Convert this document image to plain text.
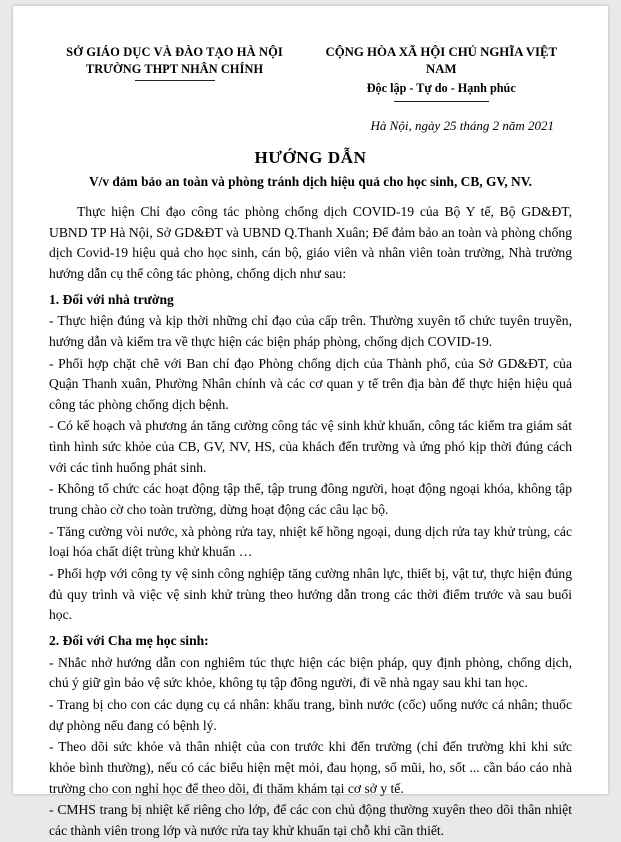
SỞ GIÁO DỤC VÀ ĐÀO TẠO HÀ NỘI
TRƯỜNG THPT NHÂN CHÍNH
CỘNG HÒA XÃ HỘI CHỦ NGHĨA VIỆT NAM
Độc lập - Tự do - Hạnh phúc
Hà Nội, ngày 25 tháng 2 năm 2021
HƯỚNG DẪN
V/v đảm bảo an toàn và phòng tránh dịch hiệu quả cho học sinh, CB, GV, NV.

Thực hiện Chỉ đạo công tác phòng chống dịch COVID-19 của Bộ Y tế, Bộ GD&ĐT, UBND TP Hà Nội, Sở GD&ĐT và UBND Q.Thanh Xuân; Để đảm bảo an toàn và phòng chống dịch Covid-19 hiệu quả cho học sinh, cán bộ, giáo viên và nhân viên toàn trường, Nhà trường hướng dẫn cụ thể công tác phòng, chống dịch như sau:

1. Đối với nhà trường

- Thực hiện đúng và kịp thời những chỉ đạo của cấp trên. Thường xuyên tổ chức tuyên truyền, hướng dẫn và kiểm tra về thực hiện các biện pháp phòng, chống dịch COVID-19.

- Phối hợp chặt chẽ với Ban chỉ đạo Phòng chống dịch của Thành phố, của Sở GD&ĐT, của Quận Thanh xuân, Phường Nhân chính và các cơ quan y tế trên địa bàn để thực hiện hiệu quả công tác phòng chống dịch bệnh.

- Có kế hoạch và phương án tăng cường công tác vệ sinh khử khuẩn, công tác kiểm tra giám sát tình hình sức khỏe của CB, GV, NV, HS, của khách đến trường và ứng phó kịp thời đúng cách với các tình huống phát sinh.

- Không tổ chức các hoạt động tập thể, tập trung đông người, hoạt động ngoại khóa, không tập trung chào cờ cho toàn trường, dừng hoạt động các câu lạc bộ.

- Tăng cường vòi nước, xà phòng rửa tay, nhiệt kế hồng ngoại, dung dịch rửa tay khử trùng, các loại hóa chất diệt trùng khử khuẩn …

- Phối hợp với công ty vệ sinh công nghiệp tăng cường nhân lực, thiết bị, vật tư, thực hiện đúng đủ quy trình và việc vệ sinh khử trùng theo hướng dẫn trong các thời điểm trước và sau buổi học.

2. Đối với Cha mẹ học sinh:

- Nhắc nhở hướng dẫn con nghiêm túc thực hiện các biện pháp, quy định phòng, chống dịch, chú ý giữ gìn bảo vệ sức khỏe, không tụ tập đông người, đi về nhà ngay sau khi tan học.

- Trang bị cho con các dụng cụ cá nhân: khẩu trang, bình nước (cốc) uống nước cá nhân; thuốc dự phòng nếu đang có bệnh lý.

- Theo dõi sức khỏe và thân nhiệt của con trước khi đến trường (chỉ đến trường khi khi sức khỏe bình thường), nếu có các biểu hiện mệt mỏi, đau họng, sổ mũi, ho, sốt ... cần báo cáo nhà trường cho con nghỉ học để theo dõi, đi thăm khám tại cơ sở y tế.

- CMHS trang bị nhiệt kế riêng cho lớp, để các con chủ động thường xuyên theo dõi thân nhiệt các thành viên trong lớp và nước rửa tay khử khuẩn tại chỗ khi cần thiết.
